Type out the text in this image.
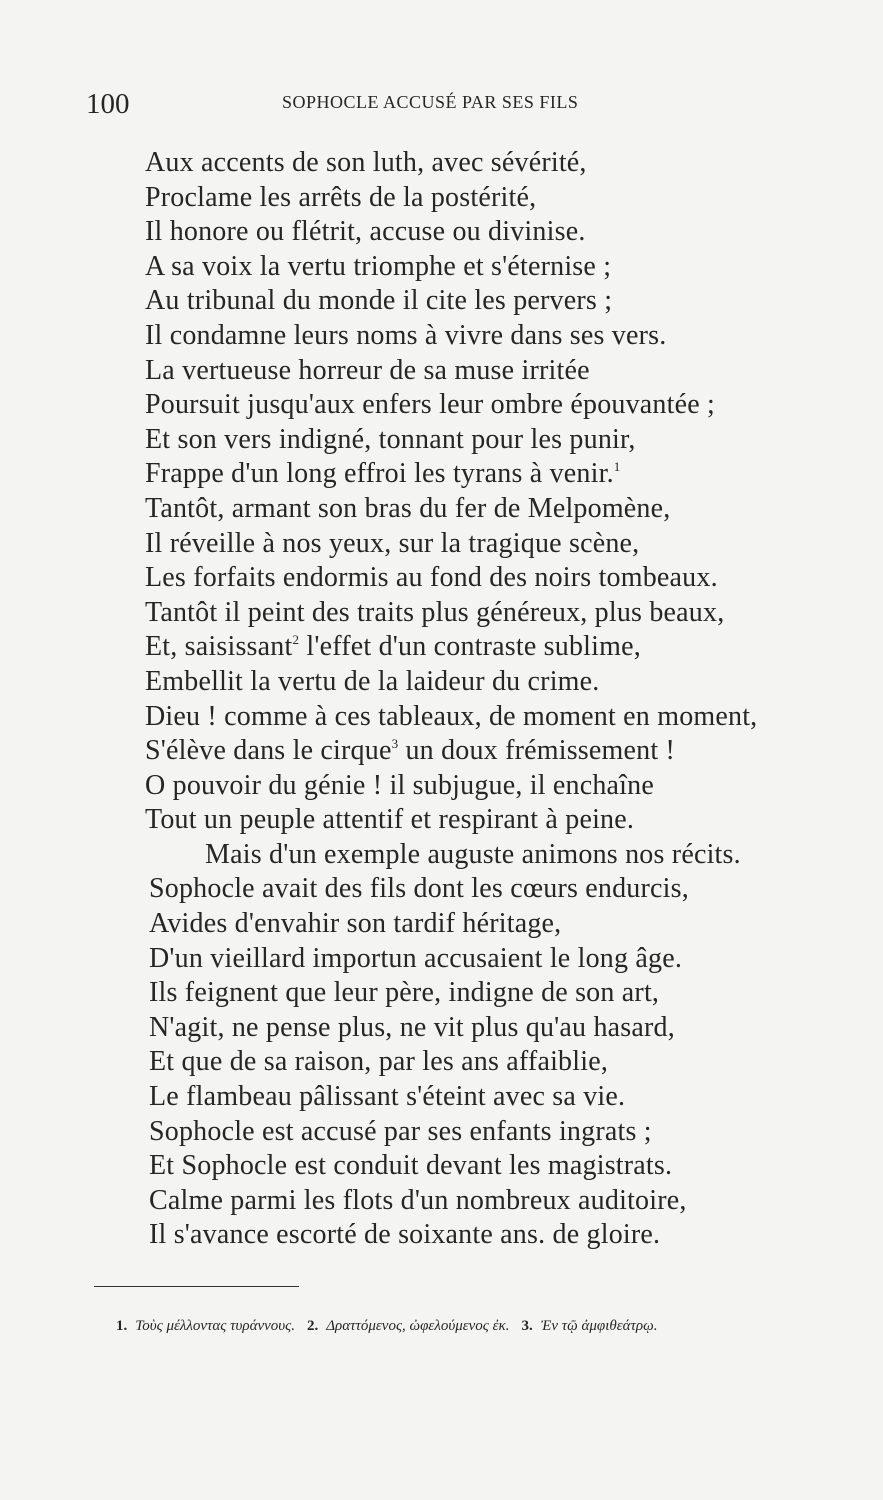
100	SOPHOCLE ACCUSÉ PAR SES FILS
Aux accents de son luth, avec sévérité,
Proclame les arrêts de la postérité,
Il honore ou flétrit, accuse ou divinise.
A sa voix la vertu triomphe et s'éternise ;
Au tribunal du monde il cite les pervers ;
Il condamne leurs noms à vivre dans ses vers.
La vertueuse horreur de sa muse irritée
Poursuit jusqu'aux enfers leur ombre épouvantée ;
Et son vers indigné, tonnant pour les punir,
Frappe d'un long effroi les tyrans à venir.$^1$
Tantôt, armant son bras du fer de Melpomène,
Il réveille à nos yeux, sur la tragique scène,
Les forfaits endormis au fond des noirs tombeaux.
Tantôt il peint des traits plus généreux, plus beaux,
Et, saisissant$^2$ l'effet d'un contraste sublime,
Embellit la vertu de la laideur du crime.
Dieu ! comme à ces tableaux, de moment en moment,
S'élève dans le cirque$^3$ un doux frémissement !
O pouvoir du génie ! il subjugue, il enchaîne
Tout un peuple attentif et respirant à peine.
Mais d'un exemple auguste animons nos récits.
Sophocle avait des fils dont les cœurs endurcis,
Avides d'envahir son tardif héritage,
D'un vieillard importun accusaient le long âge.
Ils feignent que leur père, indigne de son art,
N'agit, ne pense plus, ne vit plus qu'au hasard,
Et que de sa raison, par les ans affaiblie,
Le flambeau pâlissant s'éteint avec sa vie.
Sophocle est accusé par ses enfants ingrats ;
Et Sophocle est conduit devant les magistrats.
Calme parmi les flots d'un nombreux auditoire,
Il s'avance escorté de soixante ans. de gloire.
1. Τοὺς μέλλοντας τυράννους. 2. Δραττόμενος, ὠφελούμενος ἐκ. 3. Ἐν τῷ ἀμφιθεάτρῳ.
